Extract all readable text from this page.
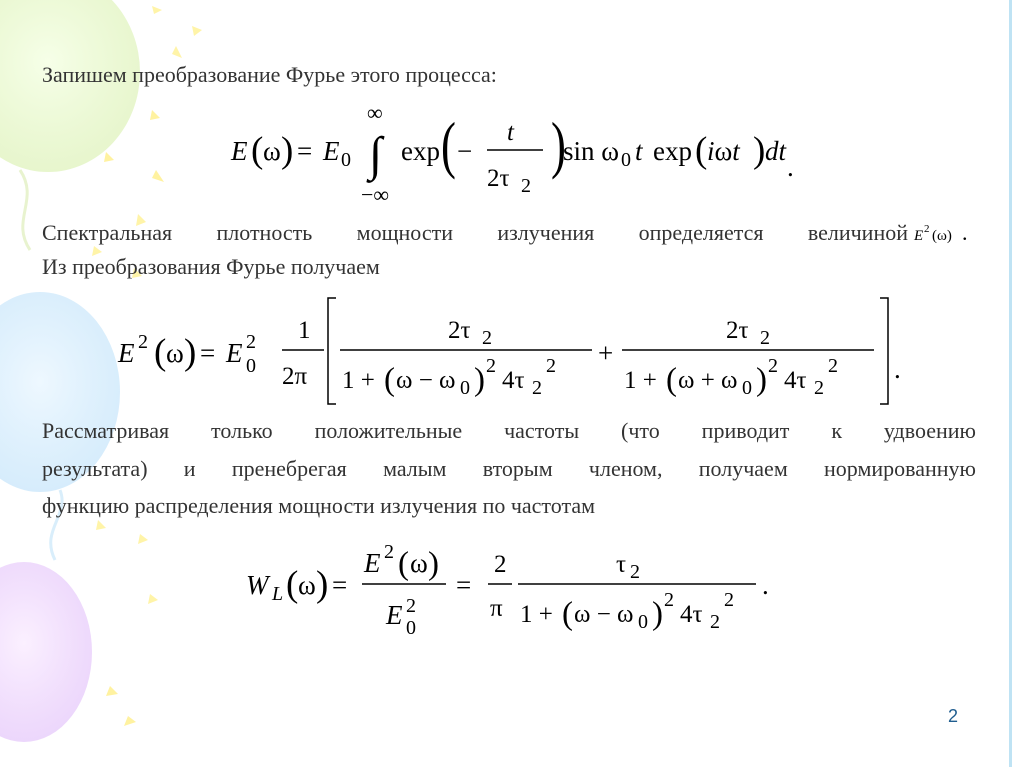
Запишем преобразование Фурье этого процесса:
E ( ω ) = E 0
∞
∫
−∞
exp ( −
t
2τ 2
)
sin ω 0 t exp ( iωt ) dt
.
Спектральная плотность мощности излучения определяется величиной E 2 (ω) .
Из преобразования Фурье получаем
E 2 ( ω ) = E 2
0
1
2π
2τ 2
1 + ( ω − ω 0 ) 2
4τ 2
2 +
2τ 2
1 + ( ω + ω 0 ) 2
4τ 2
2 .
Рассматривая только положительные частоты (что приводит к удвоению
результата) и пренебрегая малым вторым членом, получаем нормированную
функцию распределения мощности излучения по частотам
W L ( ω ) =
E 2 ( ω )
E 2
0
=
2
π
τ 2
1 + ( ω − ω 0 ) 2
4τ 2
2 .
2
